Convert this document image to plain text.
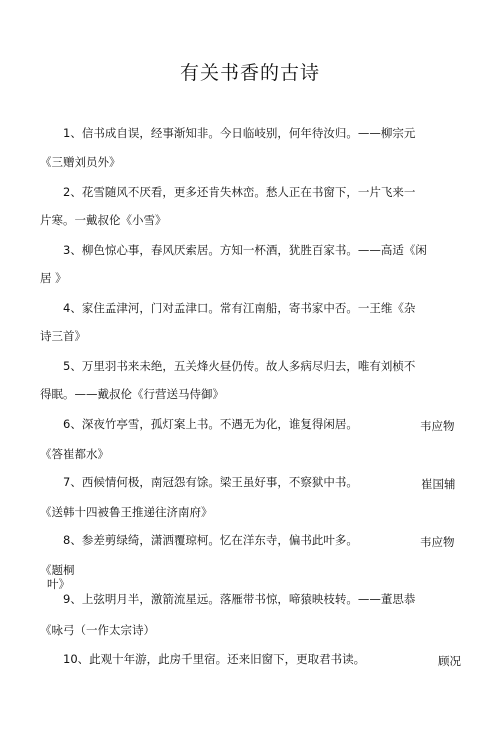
有关书香的古诗
1、信书成自误，经事渐知非。今日临岐别，何年待汝归。——柳宗元
《三赠刘员外》
2、花雪随风不厌看，更多还肯失林峦。愁人正在书窗下，一片飞来一
片寒。一戴叔伦《小雪》
3、柳色惊心事，春风厌索居。方知一杯酒，犹胜百家书。——高适《闲
居 》
4、家住孟津河，门对孟津口。常有江南船，寄书家中否。一王维《杂
诗三首》
5、万里羽书来未绝，五关烽火昼仍传。故人多病尽归去，唯有刘桢不
得眠。——戴叔伦《行营送马侍御》
6、深夜竹亭雪，孤灯案上书。不遇无为化，谁复得闲居。	韦应物
《答崔都水》
7、西候情何极，南冠怨有馀。梁王虽好事，不察狱中书。	崔国辅
《送韩十四被鲁王推递往济南府》
8、参差剪绿绮，潇洒覆琼柯。忆在洋东寺，偏书此叶多。	韦应物
《题桐
叶》
9、上弦明月半，激箭流星远。落雁带书惊，啼猿映枝转。——董思恭
《咏弓（一作太宗诗）
10、此观十年游，此房千里宿。还来旧窗下，更取君书读。	顾况
